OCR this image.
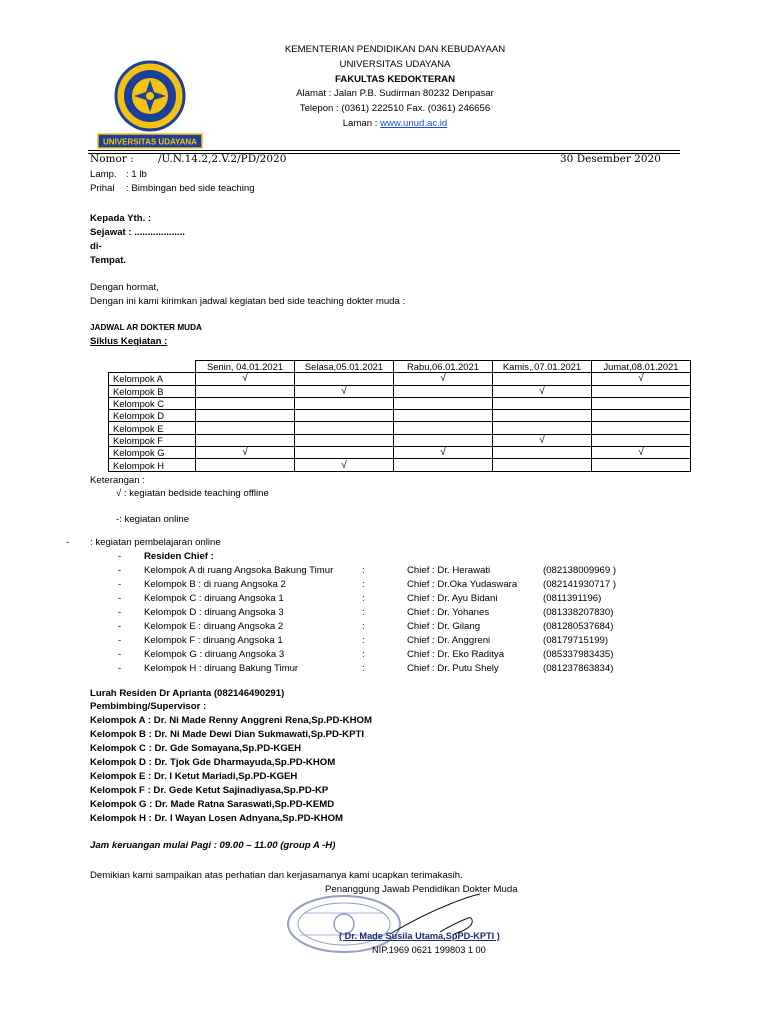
UNIVERSITAS UDAYANA
KEMENTERIAN PENDIDIKAN DAN KEBUDAYAAN
UNIVERSITAS UDAYANA
FAKULTAS KEDOKTERAN
Alamat : Jalan P.B. Sudirman 80232 Denpasar
Telepon : (0361) 222510 Fax. (0361) 246656
Laman : www.unud.ac.id
Nomor : /U.N.14.2,2.V.2/PD/2020	30 Desember 2020
Lamp. : 1 lb
Prihal : Bimbingan bed side teaching
Kepada Yth. :
Sejawat : ...................
di-
Tempat.
Dengan hormat,
Dengan ini kami kirimkan jadwal kegiatan bed side teaching dokter muda :
JADWAL AR DOKTER MUDA
Siklus Kegiatan :
	Senin, 04.01.2021	Selasa,05.01.2021	Rabu,06.01.2021	Kamis,.07.01.2021	Jumat,08.01.2021
Kelompok A	√		√		√
Kelompok B		√		√	
Kelompok C					
Kelompok D					
Kelompok E					
Kelompok F				√	
Kelompok G	√		√		√
Kelompok H		√			
Keterangan :
√ : kegiatan bedside teaching offline
-: kegiatan online
- : kegiatan pembelajaran online
- Residen Chief :
- Kelompok A di ruang Angsoka Bakung Timur	:	Chief : Dr. Herawati	(082138009969 )
- Kelompok B : di ruang Angsoka 2	:	Chief : Dr.Oka Yudaswara	(082141930717 )
- Kelompok C : diruang Angsoka 1	:	Chief : Dr. Ayu Bidani	(0811391196)
- Kelompok D : diruang Angsoka 3	:	Chief : Dr. Yohanes	(081338207830)
- Kelompok E : diruang Angsoka 2	:	Chief : Dr. Gilang	(081280537684)
- Kelompok F : diruang Angsoka 1	:	Chief : Dr. Anggreni	(08179715199)
- Kelompok G : diruang Angsoka 3	:	Chief : Dr. Eko Raditya	(085337983435)
- Kelompok H : diruang Bakung Timur	:	Chief : Dr. Putu Shely	(081237863834)
Lurah Residen Dr Aprianta (082146490291)
Pembimbing/Supervisor :
Kelompok A : Dr. Ni Made Renny Anggreni Rena,Sp.PD-KHOM
Kelompok B : Dr. Ni Made Dewi Dian Sukmawati,Sp.PD-KPTI
Kelompok C : Dr. Gde Somayana,Sp.PD-KGEH
Kelompok D : Dr. Tjok Gde Dharmayuda,Sp.PD-KHOM
Kelompok E : Dr. I Ketut Mariadi,Sp.PD-KGEH
Kelompok F : Dr. Gede Ketut Sajinadiyasa,Sp.PD-KP
Kelompok G : Dr. Made Ratna Saraswati,Sp.PD-KEMD
Kelompok H : Dr. I Wayan Losen Adnyana,Sp.PD-KHOM
Jam keruangan mulai Pagi : 09.00 – 11.00 (group A -H)
Demikian kami sampaikan atas perhatian dan kerjasamanya kami ucapkan terimakasih.
Penanggung Jawab Pendidikan Dokter Muda
( Dr. Made Susila Utama,SpPD-KPTI )
NIP.1969 0621 199803 1 00
